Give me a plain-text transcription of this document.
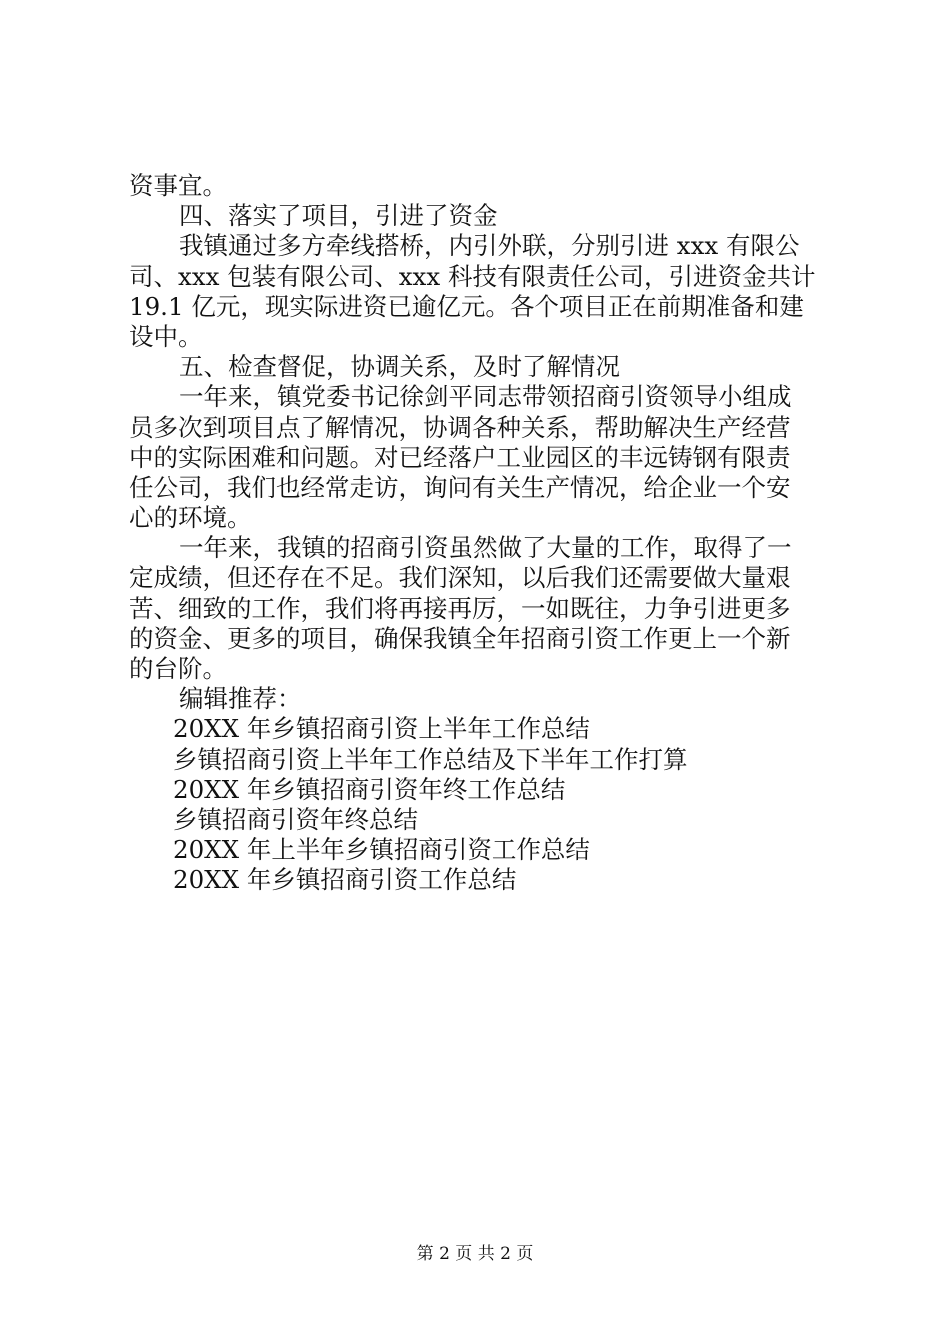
资事宜。
四、落实了项目，引进了资金
我镇通过多方牵线搭桥，内引外联，分别引进 xxx 有限公
司、xxx 包装有限公司、xxx 科技有限责任公司，引进资金共计
19.1 亿元，现实际进资已逾亿元。各个项目正在前期准备和建
设中。
五、检查督促，协调关系，及时了解情况
一年来，镇党委书记徐剑平同志带领招商引资领导小组成
员多次到项目点了解情况，协调各种关系，帮助解决生产经营
中的实际困难和问题。对已经落户工业园区的丰远铸钢有限责
任公司，我们也经常走访，询问有关生产情况，给企业一个安
心的环境。
一年来，我镇的招商引资虽然做了大量的工作，取得了一
定成绩，但还存在不足。我们深知，以后我们还需要做大量艰
苦、细致的工作，我们将再接再厉，一如既往，力争引进更多
的资金、更多的项目，确保我镇全年招商引资工作更上一个新
的台阶。
编辑推荐：
20XX 年乡镇招商引资上半年工作总结
乡镇招商引资上半年工作总结及下半年工作打算
20XX 年乡镇招商引资年终工作总结
乡镇招商引资年终总结
20XX 年上半年乡镇招商引资工作总结
20XX 年乡镇招商引资工作总结
第 2 页 共 2 页
